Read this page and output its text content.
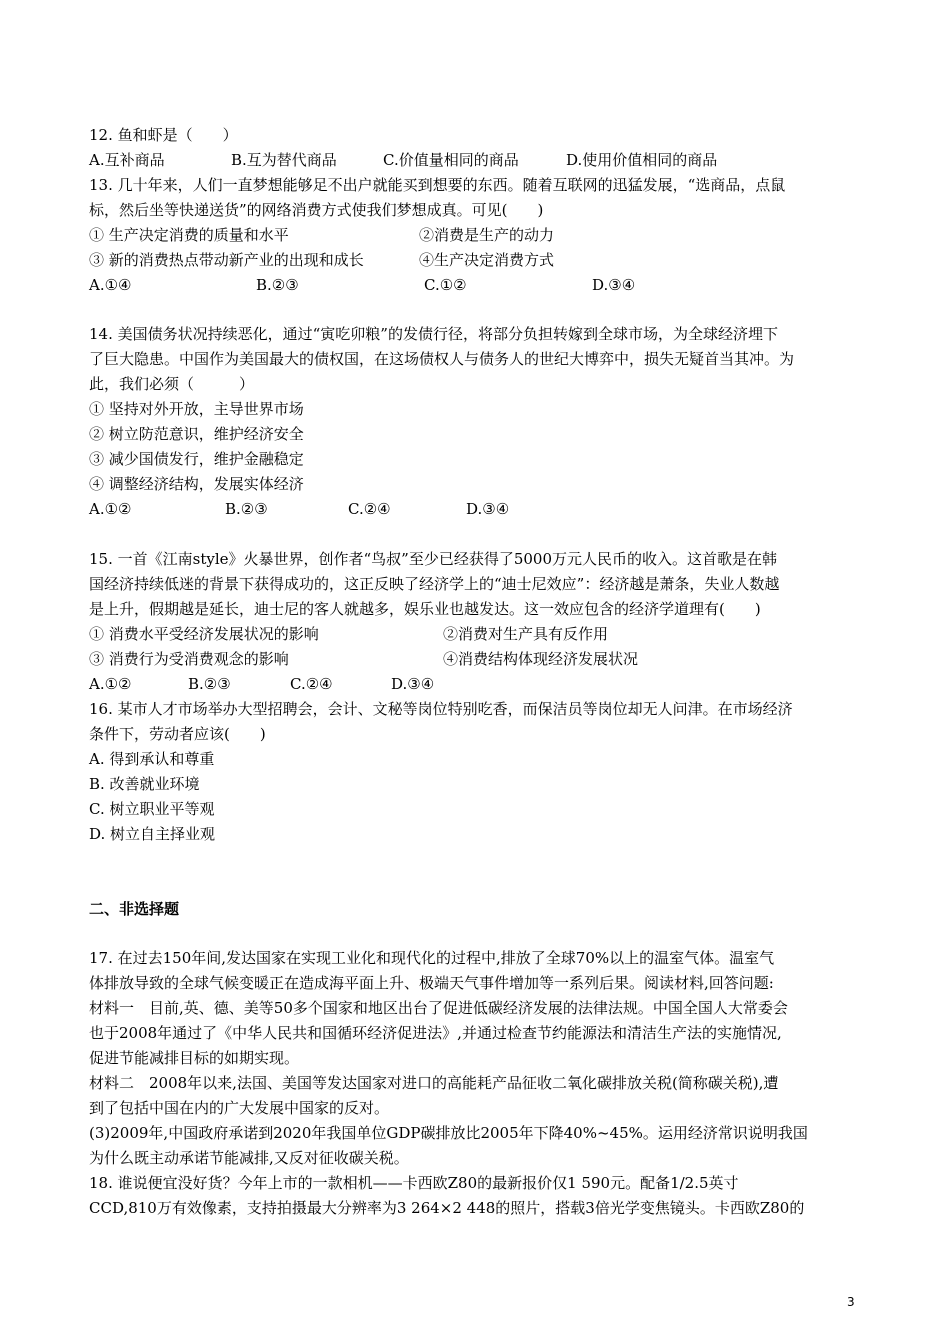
12. 鱼和虾是（　　）
A.互补商品	B.互为替代商品	C.价值量相同的商品	D.使用价值相同的商品
13. 几十年来，人们一直梦想能够足不出户就能买到想要的东西。随着互联网的迅猛发展，“选商品，点鼠
标，然后坐等快递送货”的网络消费方式使我们梦想成真。可见(　　)
① 生产决定消费的质量和水平	②消费是生产的动力
③ 新的消费热点带动新产业的出现和成长	④生产决定消费方式
A.①④	B.②③	C.①②	D.③④
14. 美国债务状况持续恶化，通过“寅吃卯粮”的发债行径，将部分负担转嫁到全球市场，为全球经济埋下
了巨大隐患。中国作为美国最大的债权国，在这场债权人与债务人的世纪大博弈中，损失无疑首当其冲。为
此，我们必须（　　　）
① 坚持对外开放，主导世界市场
② 树立防范意识，维护经济安全
③ 减少国债发行，维护金融稳定
④ 调整经济结构，发展实体经济
A.①②	B.②③	C.②④	D.③④
15. 一首《江南style》火暴世界，创作者“鸟叔”至少已经获得了5000万元人民币的收入。这首歌是在韩
国经济持续低迷的背景下获得成功的，这正反映了经济学上的“迪士尼效应”：经济越是萧条，失业人数越
是上升，假期越是延长，迪士尼的客人就越多，娱乐业也越发达。这一效应包含的经济学道理有(　　)
① 消费水平受经济发展状况的影响	②消费对生产具有反作用
③ 消费行为受消费观念的影响	④消费结构体现经济发展状况
A.①②	B.②③	C.②④	D.③④
16. 某市人才市场举办大型招聘会，会计、文秘等岗位特别吃香，而保洁员等岗位却无人问津。在市场经济
条件下，劳动者应该(　　)
A. 得到承认和尊重
B. 改善就业环境
C. 树立职业平等观
D. 树立自主择业观
二、非选择题
17. 在过去150年间,发达国家在实现工业化和现代化的过程中,排放了全球70%以上的温室气体。温室气
体排放导致的全球气候变暖正在造成海平面上升、极端天气事件增加等一系列后果。阅读材料,回答问题:
材料一　目前,英、德、美等50多个国家和地区出台了促进低碳经济发展的法律法规。中国全国人大常委会
也于2008年通过了《中华人民共和国循环经济促进法》,并通过检查节约能源法和清洁生产法的实施情况,
促进节能减排目标的如期实现。
材料二　2008年以来,法国、美国等发达国家对进口的高能耗产品征收二氧化碳排放关税(简称碳关税),遭
到了包括中国在内的广大发展中国家的反对。
(3)2009年,中国政府承诺到2020年我国单位GDP碳排放比2005年下降40%~45%。运用经济常识说明我国
为什么既主动承诺节能减排,又反对征收碳关税。
18. 谁说便宜没好货？今年上市的一款相机——卡西欧Z80的最新报价仅1 590元。配备1/2.5英寸
CCD,810万有效像素，支持拍摄最大分辨率为3 264×2 448的照片，搭载3倍光学变焦镜头。卡西欧Z80的
3
